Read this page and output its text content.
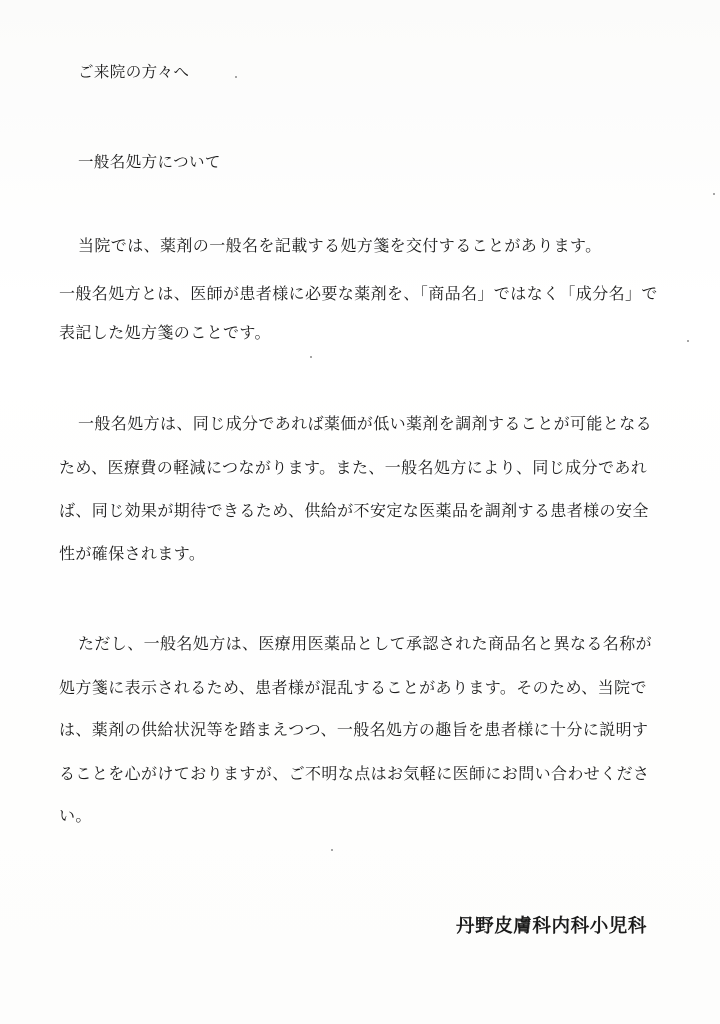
ご来院の方々へ
一般名処方について
当院では、薬剤の一般名を記載する処方箋を交付することがあります。
一般名処方とは、医師が患者様に必要な薬剤を、「商品名」ではなく「成分名」で
表記した処方箋のことです。
一般名処方は、同じ成分であれば薬価が低い薬剤を調剤することが可能となる
ため、医療費の軽減につながります。また、一般名処方により、同じ成分であれ
ば、同じ効果が期待できるため、供給が不安定な医薬品を調剤する患者様の安全
性が確保されます。
ただし、一般名処方は、医療用医薬品として承認された商品名と異なる名称が
処方箋に表示されるため、患者様が混乱することがあります。そのため、当院で
は、薬剤の供給状況等を踏まえつつ、一般名処方の趣旨を患者様に十分に説明す
ることを心がけておりますが、ご不明な点はお気軽に医師にお問い合わせくださ
い。
丹野皮膚科内科小児科
